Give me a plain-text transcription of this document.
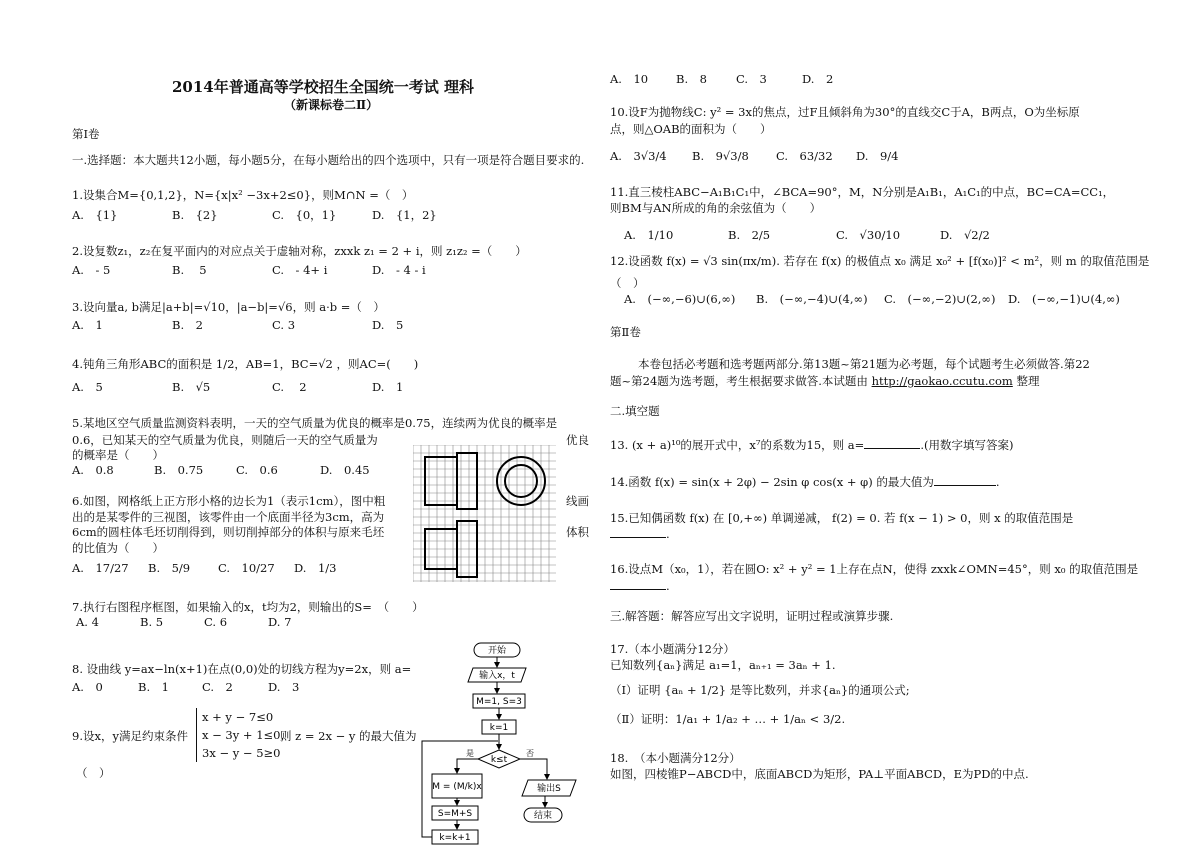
2014年普通高等学校招生全国统一考试 理科
（新课标卷二Ⅱ）
第Ⅰ卷
一.选择题：本大题共12小题，每小题5分，在每小题给出的四个选项中，只有一项是符合题目要求的.
1.设集合M={0,1,2}，N={x|x² −3x+2≤0}，则M∩N =（　）
A.　{1}	B.　{2}	C.　{0，1}	D.　{1，2}
2.设复数z₁，z₂在复平面内的对应点关于虚轴对称，zxxk z₁ = 2 + i，则 z₁z₂ =（　　）
A.　- 5	B.　 5	C.　- 4+ i	D.　- 4 - i
3.设向量a, b满足|a+b|=√10，|a−b|=√6，则 a·b =（　）
A.　1	B.　2	C. 3	D.　5
4.钝角三角形ABC的面积是 1/2，AB=1，BC=√2 ，则AC=(　　)
A.　5	B.　√5	C.　 2	D.　1
5.某地区空气质量监测资料表明，一天的空气质量为优良的概率是0.75，连续两为优良的概率是
0.6，已知某天的空气质量为优良，则随后一天的空气质量为	优良
的概率是（　　）
A.　0.8	B.　0.75	C.　0.6	D.　0.45
6.如图，网格纸上正方形小格的边长为1（表示1cm），图中粗	线画
出的是某零件的三视图，该零件由一个底面半径为3cm，高为
6cm的圆柱体毛坯切削得到，则切削掉部分的体积与原来毛坯	体积
的比值为（　　）
A.　17/27 B.　5/9 C.　10/27 D.　1/3
7.执行右图程序框图，如果输入的x，t均为2，则输出的S=　（　　）
A. 4	B. 5	C. 6	D. 7
8. 设曲线 y=ax−ln(x+1)在点(0,0)处的切线方程为y=2x，则 a=
A.　0	B.　1	C.　2	D.　3
9.设x，y满足约束条件
x + y − 7≤0
x − 3y + 1≤0，
3x − y − 5≥0
则 z = 2x − y 的最大值为
（　）
开始
输入x，t
M=1, S=3
k=1
k≤t
是	否
M = (M/k)x
S=M+S
k=k+1
输出S
结束
A.　10 B.　8	C.　3	D.　2
10.设F为抛物线C: y² = 3x的焦点，过F且倾斜角为30°的直线交C于A，B两点，O为坐标原
点，则△OAB的面积为（　　）
A.　3√3/4 B.　9√3/8 C.　63/32 D.　9/4
11.直三棱柱ABC−A₁B₁C₁中，∠BCA=90°，M，N分别是A₁B₁，A₁C₁的中点，BC=CA=CC₁，
则BM与AN所成的角的余弦值为（　　）
A.　1/10	B.　2/5	C.　√30/10	D.　√2/2
12.设函数 f(x) = √3 sin(πx/m). 若存在 f(x) 的极值点 x₀ 满足 x₀² + [f(x₀)]² < m²，则 m 的取值范围是
（　）
A.　(−∞,−6)∪(6,∞) B.　(−∞,−4)∪(4,∞) C.　(−∞,−2)∪(2,∞) D.　(−∞,−1)∪(4,∞)
第Ⅱ卷
本卷包括必考题和选考题两部分.第13题~第21题为必考题，每个试题考生必须做答.第22
题~第24题为选考题，考生根据要求做答.本试题由 http://gaokao.ccutu.com 整理
二.填空题
13. (x + a)¹⁰的展开式中，x⁷的系数为15，则 a=	.(用数字填写答案)
14.函数 f(x) = sin(x + 2φ) − 2sin φ cos(x + φ) 的最大值为	.
15.已知偶函数 f(x) 在 [0,+∞) 单调递减， f(2) = 0. 若 f(x − 1) > 0，则 x 的取值范围是
.
16.设点M（x₀，1），若在圆O: x² + y² = 1上存在点N，使得 zxxk∠OMN=45°，则 x₀ 的取值范围是
.
三.解答题：解答应写出文字说明，证明过程或演算步骤.
17.（本小题满分12分）
已知数列{aₙ}满足 a₁=1，aₙ₊₁ = 3aₙ + 1.
（Ⅰ）证明 {aₙ + 1/2} 是等比数列，并求{aₙ}的通项公式;
（Ⅱ）证明：1/a₁ + 1/a₂ + … + 1/aₙ < 3/2.
18.　（本小题满分12分）
如图，四棱锥P−ABCD中，底面ABCD为矩形，PA⊥平面ABCD，E为PD的中点.
